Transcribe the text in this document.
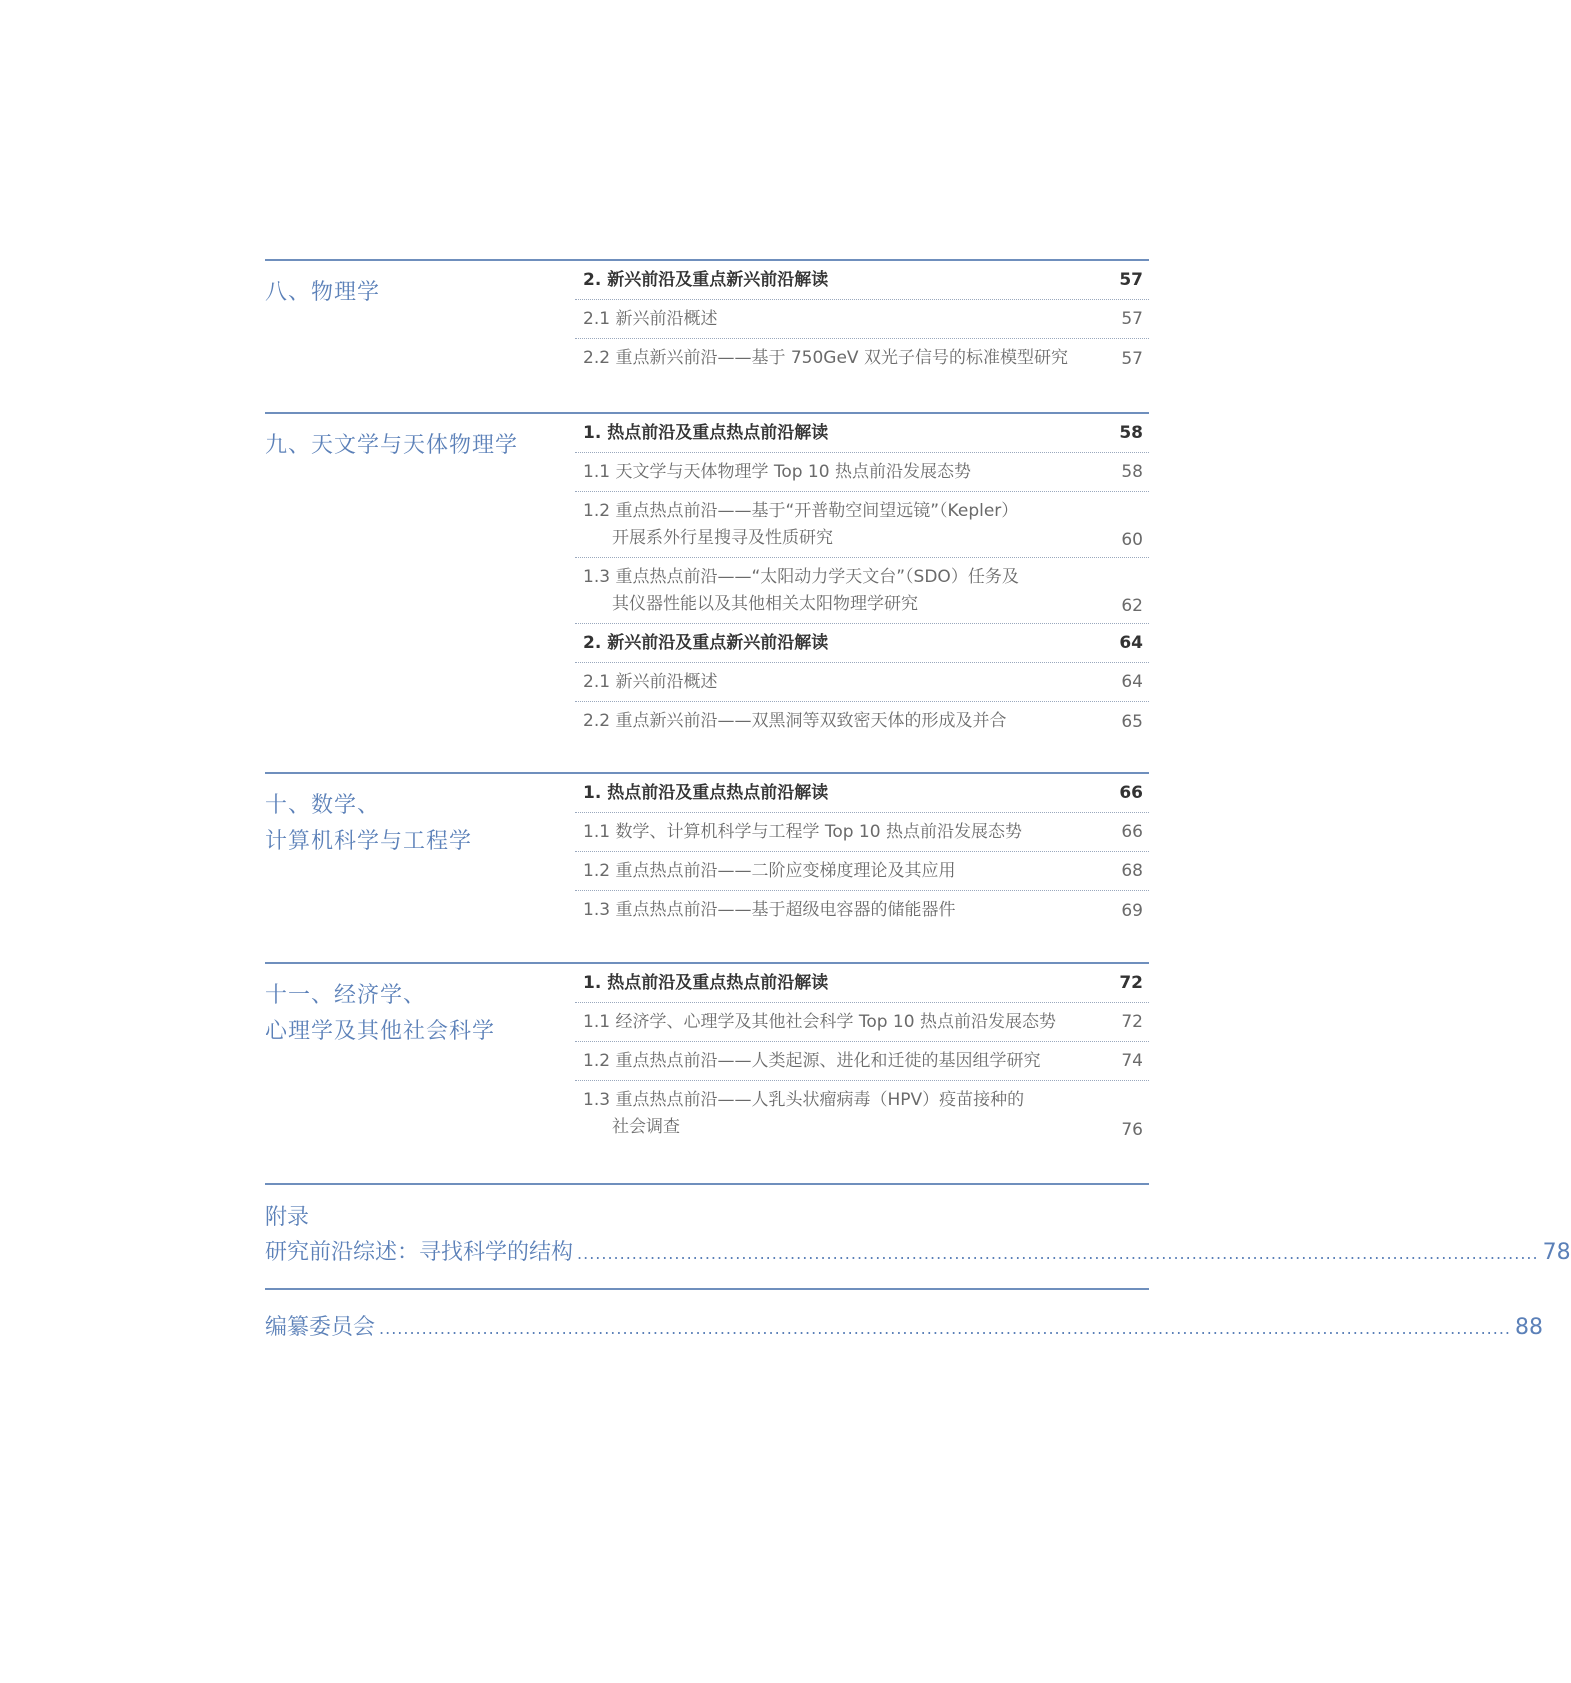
八、物理学	2. 新兴前沿及重点新兴前沿解读	57
2.1 新兴前沿概述	57
2.2 重点新兴前沿——基于 750GeV 双光子信号的标准模型研究	57
九、天文学与天体物理学	1. 热点前沿及重点热点前沿解读	58
1.1 天文学与天体物理学 Top 10 热点前沿发展态势	58
1.2 重点热点前沿——基于“开普勒空间望远镜”（Kepler）
开展系外行星搜寻及性质研究	60
1.3 重点热点前沿——“太阳动力学天文台”（SDO）任务及
其仪器性能以及其他相关太阳物理学研究	62
2. 新兴前沿及重点新兴前沿解读	64
2.1 新兴前沿概述	64
2.2 重点新兴前沿——双黑洞等双致密天体的形成及并合	65
十、数学、
计算机科学与工程学
1. 热点前沿及重点热点前沿解读	66
1.1 数学、计算机科学与工程学 Top 10 热点前沿发展态势	66
1.2 重点热点前沿——二阶应变梯度理论及其应用	68
1.3 重点热点前沿——基于超级电容器的储能器件	69
十一、经济学、
心理学及其他社会科学
1. 热点前沿及重点热点前沿解读	72
1.1 经济学、心理学及其他社会科学 Top 10 热点前沿发展态势	72
1.2 重点热点前沿——人类起源、进化和迁徙的基因组学研究	74
1.3 重点热点前沿——人乳头状瘤病毒（HPV）疫苗接种的
社会调查	76
附录
研究前沿综述：寻找科学的结构 .............................................................................................................................................................. 78
编纂委员会 .......................................................................................................................................................................................... 88
